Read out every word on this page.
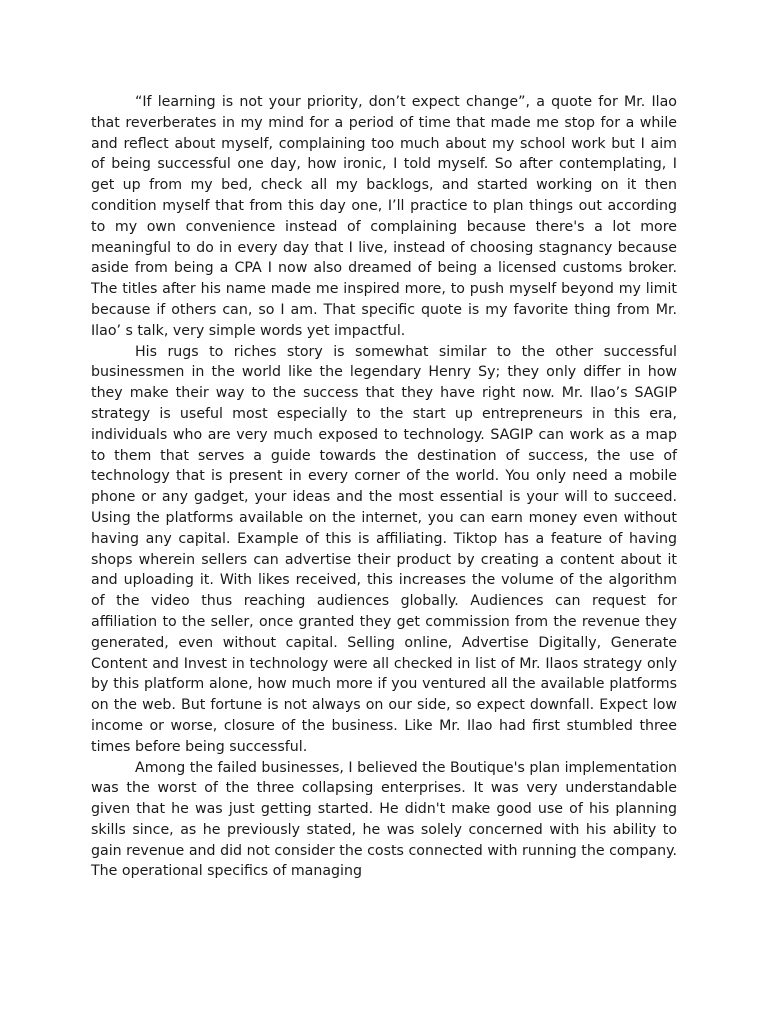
“If learning is not your priority, don’t expect change”, a quote for Mr. Ilao that reverberates in my mind for a period of time that made me stop for a while and reflect about myself, complaining too much about my school work but I aim of being successful one day, how ironic, I told myself. So after contemplating, I get up from my bed, check all my backlogs, and started working on it then condition myself that from this day one, I’ll practice to plan things out according to my own convenience instead of complaining because there's a lot more meaningful to do in every day that I live, instead of choosing stagnancy because aside from being a CPA I now also dreamed of being a licensed customs broker. The titles after his name made me inspired more, to push myself beyond my limit because if others can, so I am. That specific quote is my favorite thing from Mr. Ilao’ s talk, very simple words yet impactful.

His rugs to riches story is somewhat similar to the other successful businessmen in the world like the legendary Henry Sy; they only differ in how they make their way to the success that they have right now. Mr. Ilao’s SAGIP strategy is useful most especially to the start up entrepreneurs in this era, individuals who are very much exposed to technology. SAGIP can work as a map to them that serves a guide towards the destination of success, the use of technology that is present in every corner of the world. You only need a mobile phone or any gadget, your ideas and the most essential is your will to succeed. Using the platforms available on the internet, you can earn money even without having any capital. Example of this is affiliating. Tiktop has a feature of having shops wherein sellers can advertise their product by creating a content about it and uploading it. With likes received, this increases the volume of the algorithm of the video thus reaching audiences globally. Audiences can request for affiliation to the seller, once granted they get commission from the revenue they generated, even without capital. Selling online, Advertise Digitally, Generate Content and Invest in technology were all checked in list of Mr. Ilaos strategy only by this platform alone, how much more if you ventured all the available platforms on the web. But fortune is not always on our side, so expect downfall. Expect low income or worse, closure of the business. Like Mr. Ilao had first stumbled three times before being successful.

Among the failed businesses, I believed the Boutique's plan implementation was the worst of the three collapsing enterprises. It was very understandable given that he was just getting started. He didn't make good use of his planning skills since, as he previously stated, he was solely concerned with his ability to gain revenue and did not consider the costs connected with running the company. The operational specifics of managing
